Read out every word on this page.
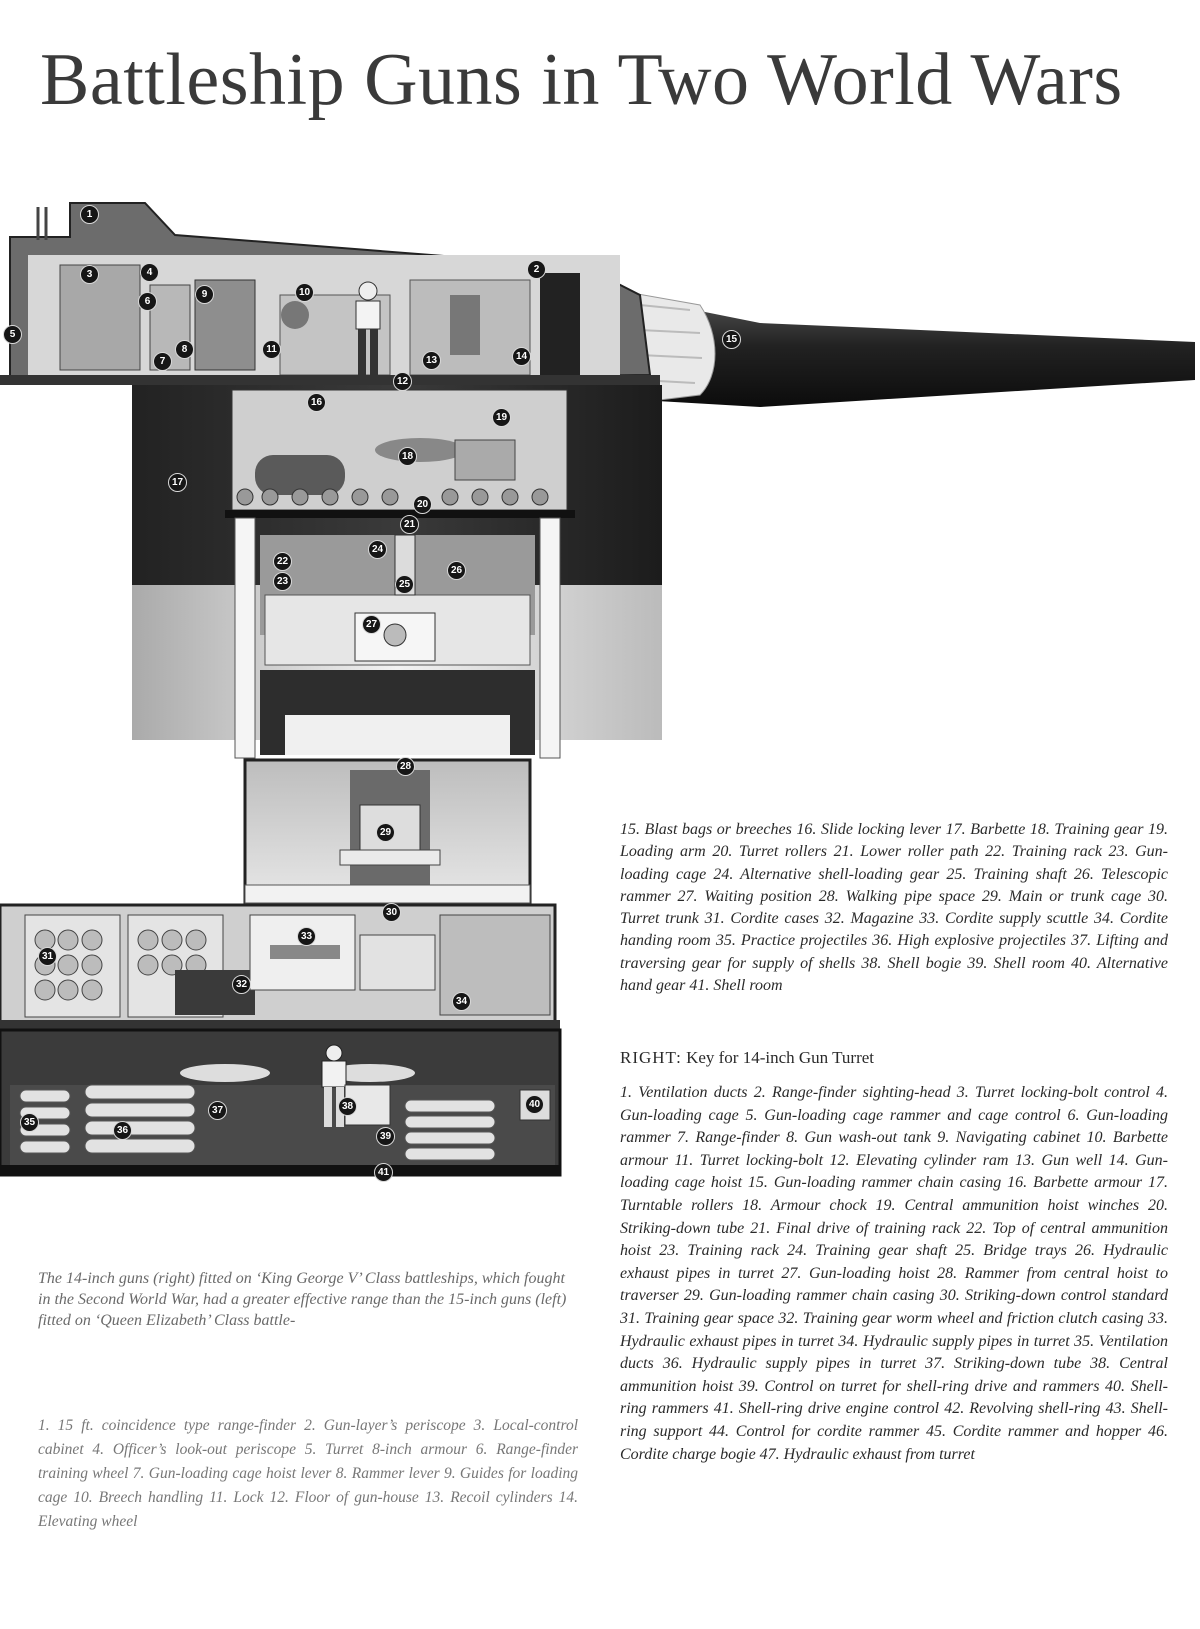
Battleship Guns in Two World Wars
1
2
3	4
5
6
7
8
9	10
11
12
13	14
15
16
17
18
19
20
21
22
23
24
25
26
27
28
29
30
31
32
33
34
35
36
37	38
39
40
41

15. Blast bags or breeches 16. Slide locking lever 17. Barbette 18. Training gear 19. Loading arm 20. Turret rollers 21. Lower roller path 22. Training rack 23. Gun-loading cage 24. Alternative shell-loading gear 25. Training shaft 26. Telescopic rammer 27. Waiting position 28. Walking pipe space 29. Main or trunk cage 30. Turret trunk 31. Cordite cases 32. Magazine 33. Cordite supply scuttle 34. Cordite handing room 35. Practice projectiles 36. High explosive projectiles 37. Lifting and traversing gear for supply of shells 38. Shell bogie 39. Shell room 40. Alternative hand gear 41. Shell room

RIGHT: Key for 14-inch Gun Turret

1. Ventilation ducts 2. Range-finder sighting-head 3. Turret locking-bolt control 4. Gun-loading cage 5. Gun-loading cage rammer and cage control 6. Gun-loading rammer 7. Range-finder 8. Gun wash-out tank 9. Navigating cabinet 10. Barbette armour 11. Turret locking-bolt 12. Elevating cylinder ram 13. Gun well 14. Gun-loading cage hoist 15. Gun-loading rammer chain casing 16. Barbette armour 17. Turntable rollers 18. Armour chock 19. Central ammunition hoist winches 20. Striking-down tube 21. Final drive of training rack 22. Top of central ammunition hoist 23. Training rack 24. Training gear shaft 25. Bridge trays 26. Hydraulic exhaust pipes in turret 27. Gun-loading hoist 28. Rammer from central hoist to traverser 29. Gun-loading rammer chain casing 30. Striking-down control standard 31. Training gear space 32. Training gear worm wheel and friction clutch casing 33. Hydraulic exhaust pipes in turret 34. Hydraulic supply pipes in turret 35. Ventilation ducts 36. Hydraulic supply pipes in turret 37. Striking-down tube 38. Central ammunition hoist 39. Control on turret for shell-ring drive and rammers 40. Shell-ring rammers 41. Shell-ring drive engine control 42. Revolving shell-ring 43. Shell-ring support 44. Control for cordite rammer 45. Cordite rammer and hopper 46. Cordite charge bogie 47. Hydraulic exhaust from turret

The 14-inch guns (right) fitted on ‘King George V’ Class battleships, which fought in the Second World War, had a greater effective range than the 15-inch guns (left) fitted on ‘Queen Elizabeth’ Class battle-

1. 15 ft. coincidence type range-finder 2. Gun-layer’s periscope 3. Local-control cabinet 4. Officer’s look-out periscope 5. Turret 8-inch armour 6. Range-finder training wheel 7. Gun-loading cage hoist lever 8. Rammer lever 9. Guides for loading cage 10. Breech handling 11. Lock 12. Floor of gun-house 13. Recoil cylinders 14. Elevating wheel
